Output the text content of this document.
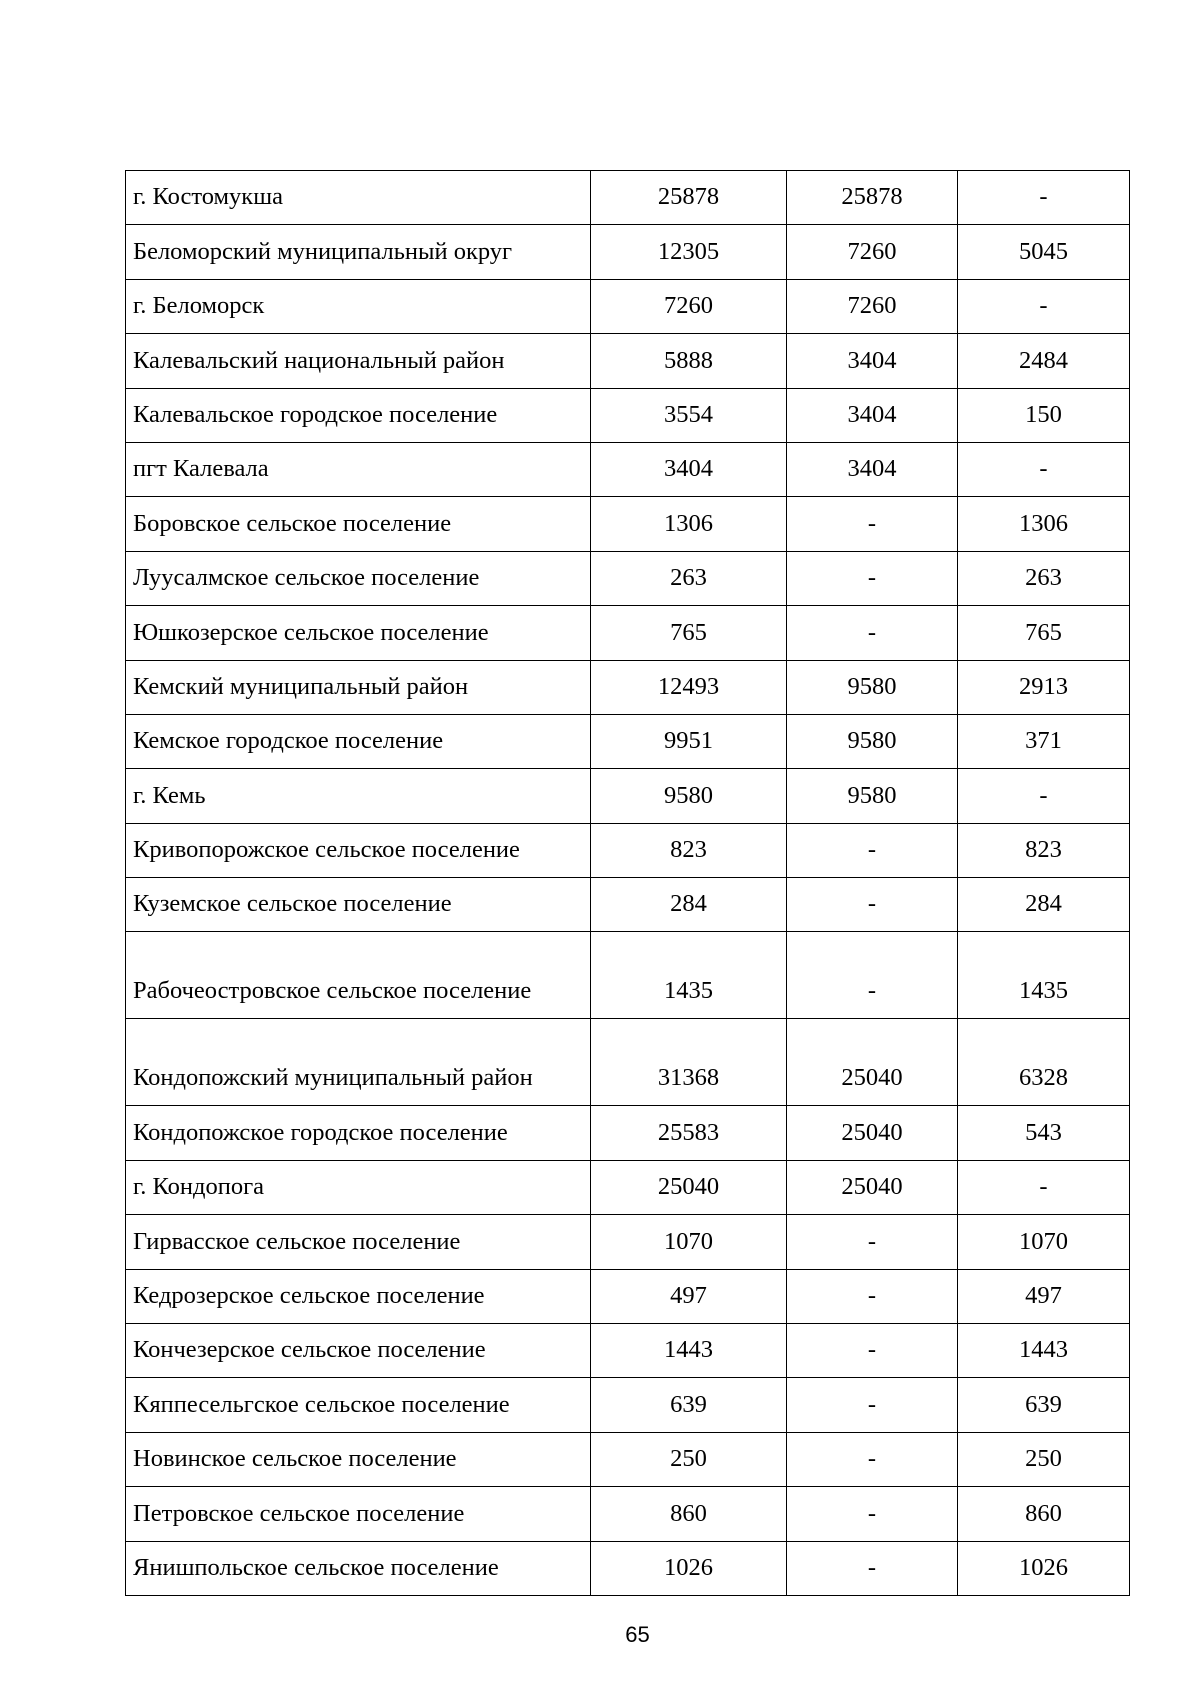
г. Костомукша	25878	25878	-
Беломорский муниципальный округ	12305	7260	5045
г. Беломорск	7260	7260	-
Калевальский национальный район	5888	3404	2484
Калевальское городское поселение	3554	3404	150
пгт Калевала	3404	3404	-
Боровское сельское поселение	1306	-	1306
Луусалмское сельское поселение	263	-	263
Юшкозерское сельское поселение	765	-	765
Кемский муниципальный район	12493	9580	2913
Кемское городское поселение	9951	9580	371
г. Кемь	9580	9580	-
Кривопорожское сельское поселение	823	-	823
Куземское сельское поселение	284	-	284
Рабочеостровское сельское поселение	1435	-	1435
Кондопожский муниципальный район	31368	25040	6328
Кондопожское городское поселение	25583	25040	543
г. Кондопога	25040	25040	-
Гирвасское сельское поселение	1070	-	1070
Кедрозерское сельское поселение	497	-	497
Кончезерское сельское поселение	1443	-	1443
Кяппесельгское сельское поселение	639	-	639
Новинское сельское поселение	250	-	250
Петровское сельское поселение	860	-	860
Янишпольское сельское поселение	1026	-	1026
65
